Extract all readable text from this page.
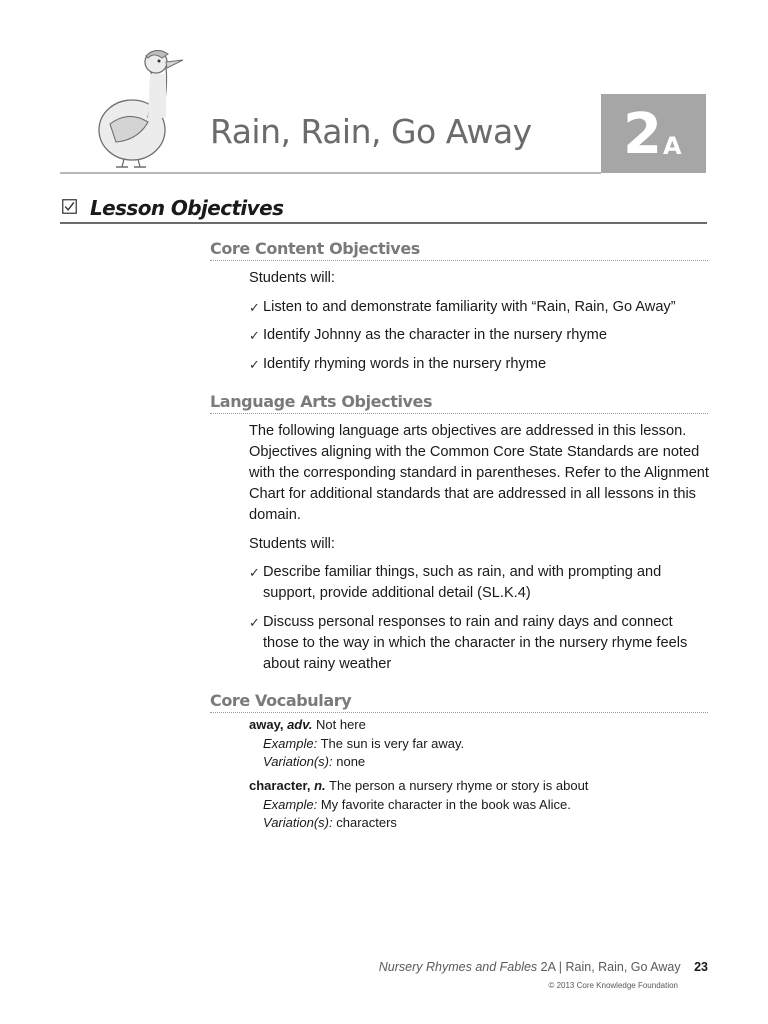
Rain, Rain, Go Away 2 A
Lesson Objectives
Core Content Objectives
Students will:
✓ Listen to and demonstrate familiarity with “Rain, Rain, Go Away”
✓ Identify Johnny as the character in the nursery rhyme
✓ Identify rhyming words in the nursery rhyme
Language Arts Objectives
The following language arts objectives are addressed in this lesson. Objectives aligning with the Common Core State Standards are noted with the corresponding standard in parentheses. Refer to the Alignment Chart for additional standards that are addressed in all lessons in this domain.
Students will:
✓ Describe familiar things, such as rain, and with prompting and support, provide additional detail (SL.K.4)
✓ Discuss personal responses to rain and rainy days and connect those to the way in which the character in the nursery rhyme feels about rainy weather
Core Vocabulary
away, adv. Not here
Example: The sun is very far away.
Variation(s): none
character, n. The person a nursery rhyme or story is about
Example: My favorite character in the book was Alice.
Variation(s): characters
Nursery Rhymes and Fables 2A | Rain, Rain, Go Away 23
© 2013 Core Knowledge Foundation
